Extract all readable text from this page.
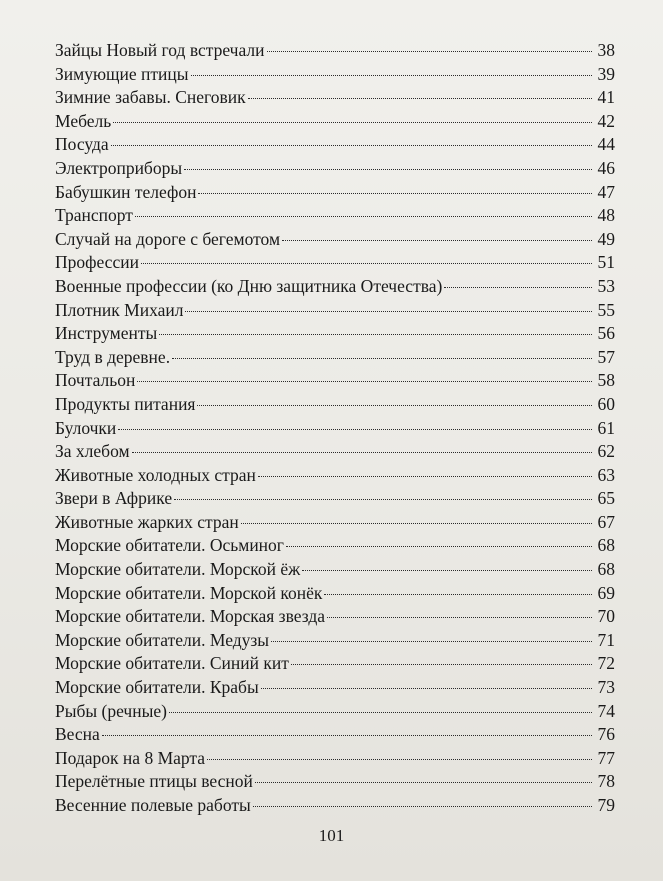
Зайцы Новый год встречали	38
Зимующие птицы	39
Зимние забавы. Снеговик	41
Мебель	42
Посуда	44
Электроприборы	46
Бабушкин телефон	47
Транспорт	48
Случай на дороге с бегемотом	49
Профессии	51
Военные профессии (ко Дню защитника Отечества)	53
Плотник Михаил	55
Инструменты	56
Труд в деревне.	57
Почтальон	58
Продукты питания	60
Булочки	61
За хлебом	62
Животные холодных стран	63
Звери в Африке	65
Животные жарких стран	67
Морские обитатели. Осьминог	68
Морские обитатели. Морской ёж	68
Морские обитатели. Морской конёк	69
Морские обитатели. Морская звезда	70
Морские обитатели. Медузы	71
Морские обитатели. Синий кит	72
Морские обитатели. Крабы	73
Рыбы (речные)	74
Весна	76
Подарок на 8 Марта	77
Перелётные птицы весной	78
Весенние полевые работы	79
101
